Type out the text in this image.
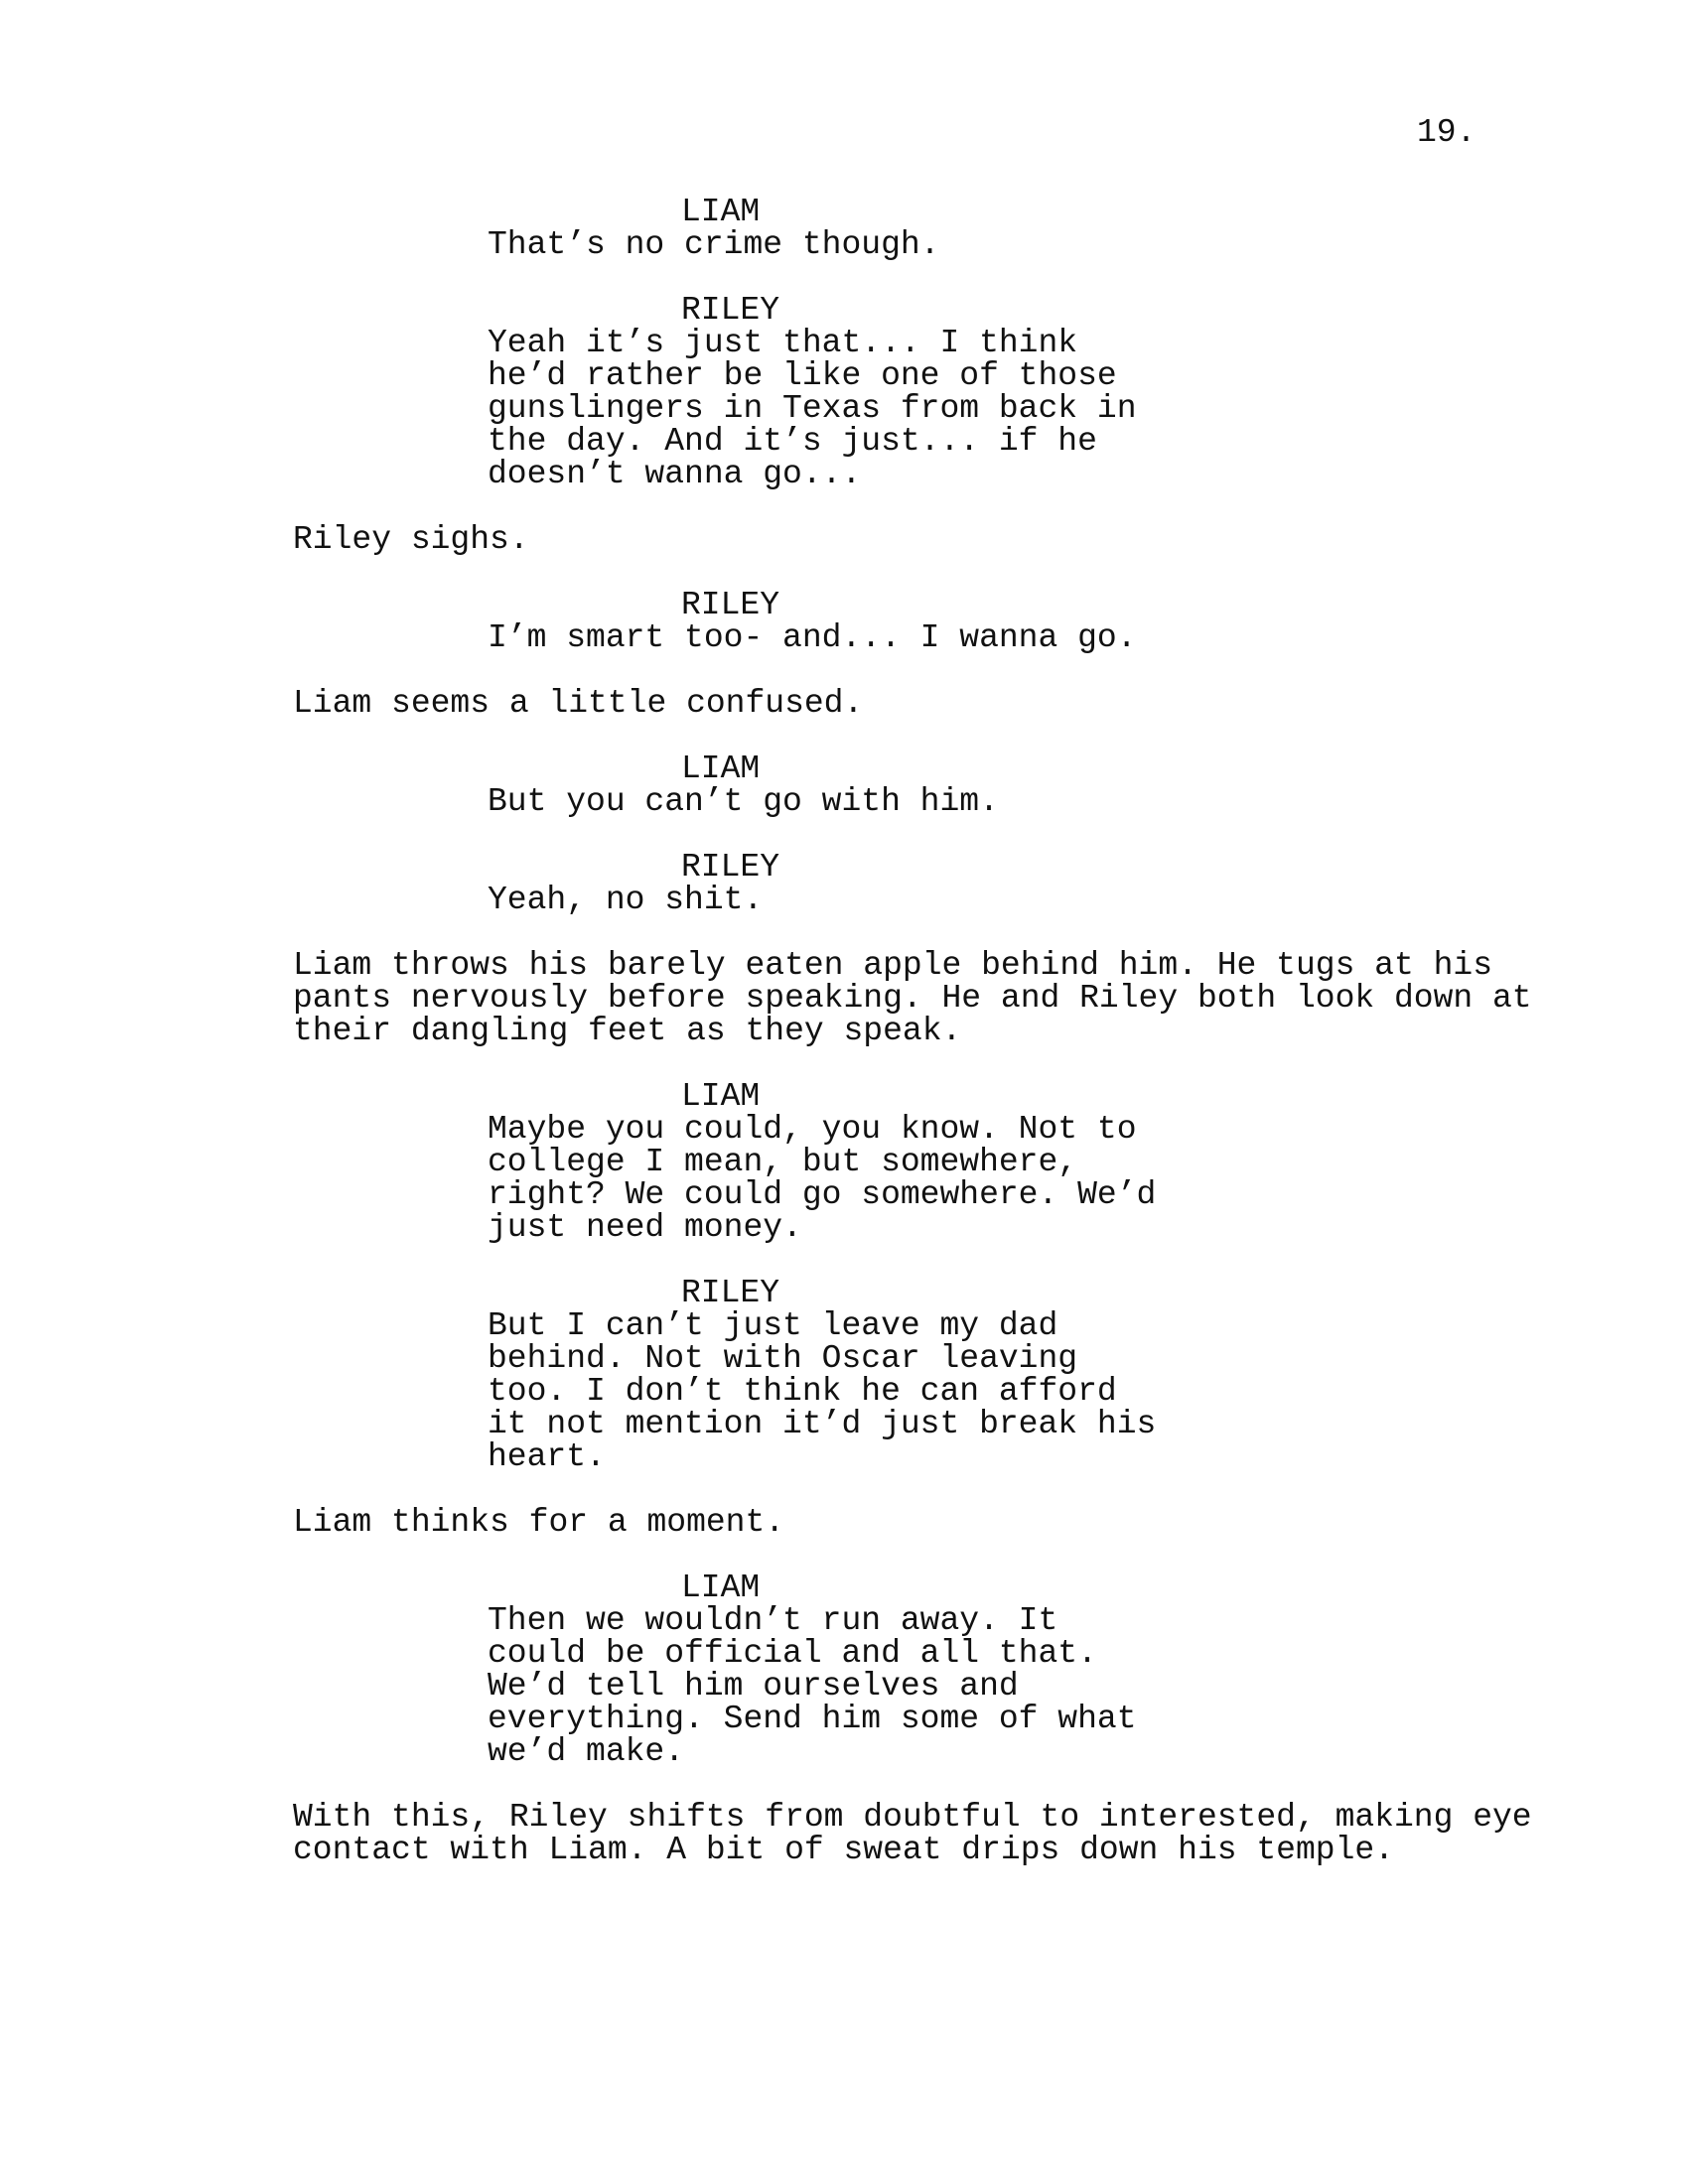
19.
LIAM
That’s no crime though.
RILEY
Yeah it’s just that... I think
he’d rather be like one of those
gunslingers in Texas from back in
the day. And it’s just... if he
doesn’t wanna go...
Riley sighs.
RILEY
I’m smart too- and... I wanna go.
Liam seems a little confused.
LIAM
But you can’t go with him.
RILEY
Yeah, no shit.
Liam throws his barely eaten apple behind him. He tugs at his
pants nervously before speaking. He and Riley both look down at
their dangling feet as they speak.
LIAM
Maybe you could, you know. Not to
college I mean, but somewhere,
right? We could go somewhere. We’d
just need money.
RILEY
But I can’t just leave my dad
behind. Not with Oscar leaving
too. I don’t think he can afford
it not mention it’d just break his
heart.
Liam thinks for a moment.
LIAM
Then we wouldn’t run away. It
could be official and all that.
We’d tell him ourselves and
everything. Send him some of what
we’d make.
With this, Riley shifts from doubtful to interested, making eye
contact with Liam. A bit of sweat drips down his temple.
